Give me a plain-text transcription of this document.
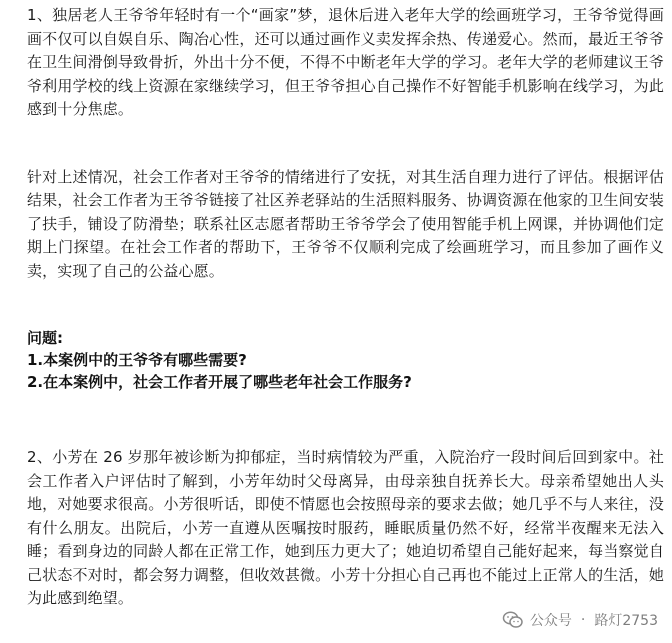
1、独居老人王爷爷年轻时有一个“画家”梦，退休后进入老年大学的绘画班学习，王爷爷觉得画画不仅可以自娱自乐、陶冶心性，还可以通过画作义卖发挥余热、传递爱心。然而，最近王爷爷在卫生间滑倒导致骨折，外出十分不便，不得不中断老年大学的学习。老年大学的老师建议王爷爷利用学校的线上资源在家继续学习，但王爷爷担心自己操作不好智能手机影响在线学习，为此感到十分焦虑。

针对上述情况，社会工作者对王爷爷的情绪进行了安抚，对其生活自理力进行了评估。根据评估结果，社会工作者为王爷爷链接了社区养老驿站的生活照料服务、协调资源在他家的卫生间安装了扶手，铺设了防滑垫；联系社区志愿者帮助王爷爷学会了使用智能手机上网课，并协调他们定期上门探望。在社会工作者的帮助下，王爷爷不仅顺利完成了绘画班学习，而且参加了画作义卖，实现了自己的公益心愿。

问题:

1.本案例中的王爷爷有哪些需要?

2.在本案例中，社会工作者开展了哪些老年社会工作服务?

2、小芳在 26 岁那年被诊断为抑郁症，当时病情较为严重，入院治疗一段时间后回到家中。社会工作者入户评估时了解到，小芳年幼时父母离异，由母亲独自抚养长大。母亲希望她出人头地，对她要求很高。小芳很听话，即使不情愿也会按照母亲的要求去做；她几乎不与人来往，没有什么朋友。出院后，小芳一直遵从医嘱按时服药，睡眠质量仍然不好，经常半夜醒来无法入睡；看到身边的同龄人都在正常工作，她到压力更大了；她迫切希望自己能好起来，每当察觉自己状态不对时，都会努力调整，但收效甚微。小芳十分担心自己再也不能过上正常人的生活，她为此感到绝望。

公众号 · 路灯2753
